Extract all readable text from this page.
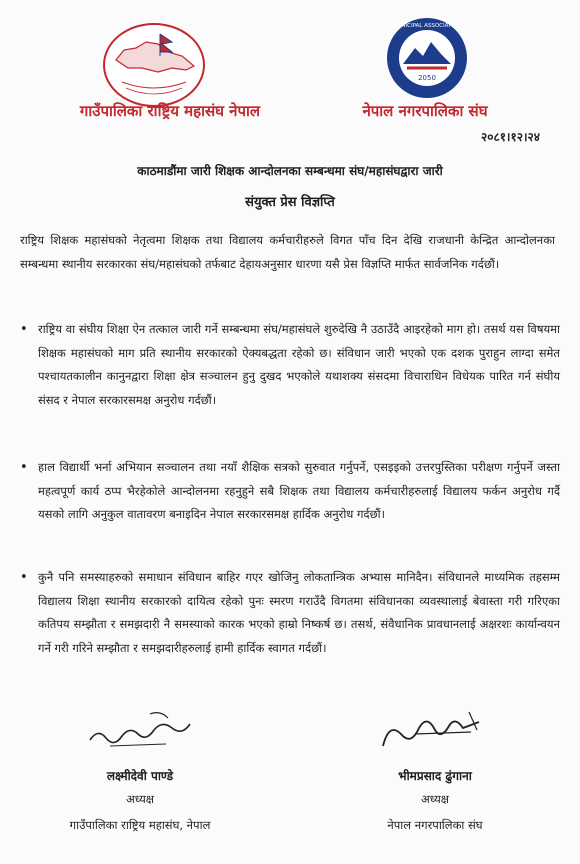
2050
MUNICIPAL ASSOCIATION
गाउँपालिका राष्ट्रिय महासंघ नेपाल	नेपाल नगरपालिका संघ
२०८१।१२।२४
काठमाडौंमा जारी शिक्षक आन्दोलनका सम्बन्धमा संघ/महासंघद्वारा जारी
संयुक्त प्रेस विज्ञप्ति
राष्ट्रिय शिक्षक महासंघको नेतृत्वमा शिक्षक तथा विद्यालय कर्मचारीहरुले विगत पाँच दिन देखि राजधानी केन्द्रित आन्दोलनका सम्बन्धमा स्थानीय सरकारका संघ/महासंघको तर्फबाट देहायअनुसार धारणा यसै प्रेस विज्ञप्ति मार्फत सार्वजनिक गर्दछौं।
• राष्ट्रिय वा संघीय शिक्षा ऐन तत्काल जारी गर्ने सम्बन्धमा संघ/महासंघले शुरुदेखि नै उठाउँदै आइरहेको माग हो। तसर्थ यस विषयमा शिक्षक महासंघको माग प्रति स्थानीय सरकारको ऐक्यबद्धता रहेको छ। संविधान जारी भएको एक दशक पुराहुन लाग्दा समेत पश्चायतकालीन कानुनद्वारा शिक्षा क्षेत्र सञ्चालन हुनु दुखद भएकोले यथाशक्य संसदमा विचाराधिन विधेयक पारित गर्न संघीय संसद र नेपाल सरकारसमक्ष अनुरोध गर्दछौं।
• हाल विद्यार्थी भर्ना अभियान सञ्चालन तथा नयाँ शैक्षिक सत्रको सुरुवात गर्नुपर्ने, एसइइको उत्तरपुस्तिका परीक्षण गर्नुपर्ने जस्ता महत्वपूर्ण कार्य ठप्प भैरहेकोले आन्दोलनमा रहनुहुने सबै शिक्षक तथा विद्यालय कर्मचारीहरुलाई विद्यालय फर्कन अनुरोध गर्दै यसको लागि अनुकुल वातावरण बनाइदिन नेपाल सरकारसमक्ष हार्दिक अनुरोध गर्दछौं।
• कुनै पनि समस्याहरुको समाधान संविधान बाहिर गएर खोजिनु लोकतान्त्रिक अभ्यास मानिदैन। संविधानले माध्यमिक तहसम्म विद्यालय शिक्षा स्थानीय सरकारको दायित्व रहेको पुनः स्मरण गराउँदै विगतमा संविधानका व्यवस्थालाई बेवास्ता गरी गरिएका कतिपय सम्झौता र समझदारी नै समस्याको कारक भएको हाम्रो निष्कर्ष छ। तसर्थ, संवैधानिक प्रावधानलाई अक्षरशः कार्यान्वयन गर्ने गरी गरिने सम्झौता र समझदारीहरुलाई हामी हार्दिक स्वागत गर्दछौं।
लक्ष्मीदेवी पाण्डे
अध्यक्ष
गाउँपालिका राष्ट्रिय महासंघ, नेपाल
भीमप्रसाद ढुंगाना
अध्यक्ष
नेपाल नगरपालिका संघ
